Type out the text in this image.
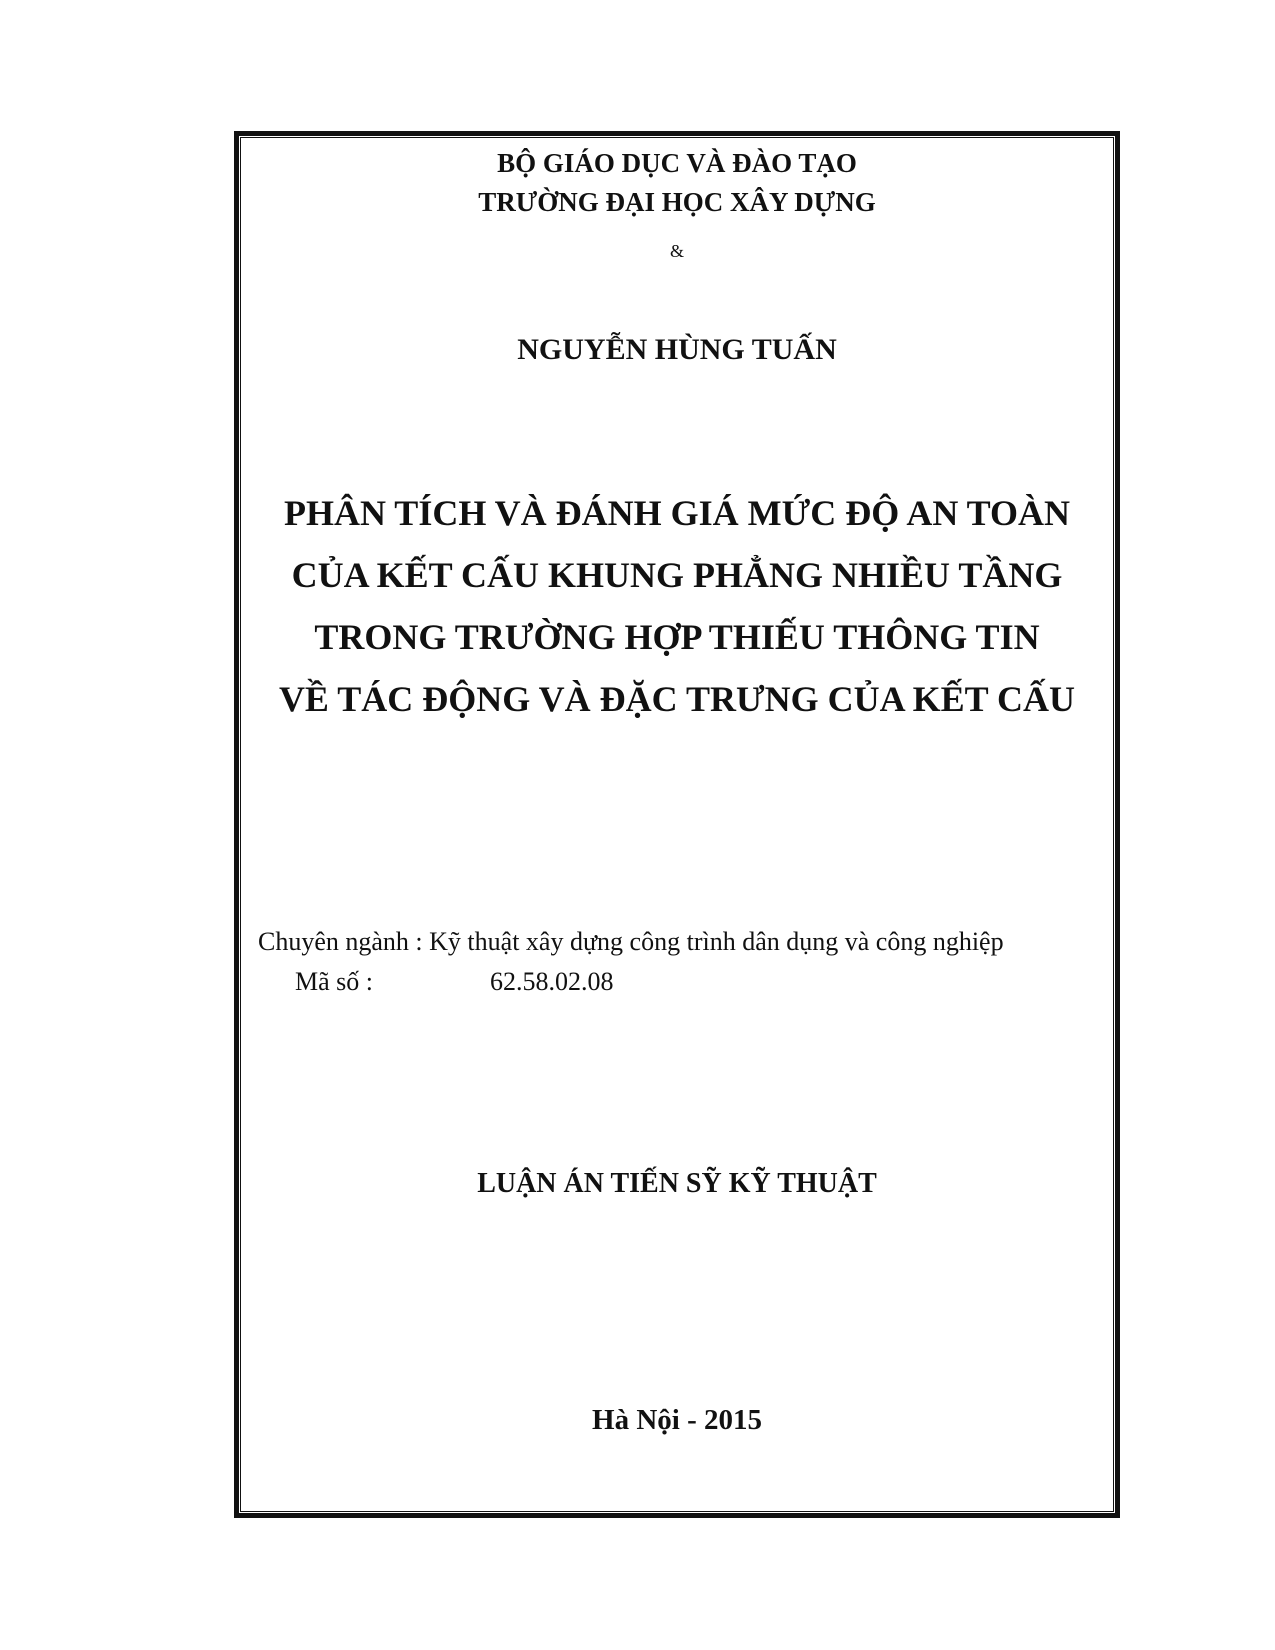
BỘ GIÁO DỤC VÀ ĐÀO TẠO

TRƯỜNG ĐẠI HỌC XÂY DỰNG

&

NGUYỄN HÙNG TUẤN

PHÂN TÍCH VÀ ĐÁNH GIÁ MỨC ĐỘ AN TOÀN

CỦA KẾT CẤU KHUNG PHẲNG NHIỀU TẦNG

TRONG TRƯỜNG HỢP THIẾU THÔNG TIN

VỀ TÁC ĐỘNG VÀ ĐẶC TRƯNG CỦA KẾT CẤU

Chuyên ngành : Kỹ thuật xây dựng công trình dân dụng và công nghiệp

Mã số :	62.58.02.08

LUẬN ÁN TIẾN SỸ KỸ THUẬT

Hà Nội - 2015
